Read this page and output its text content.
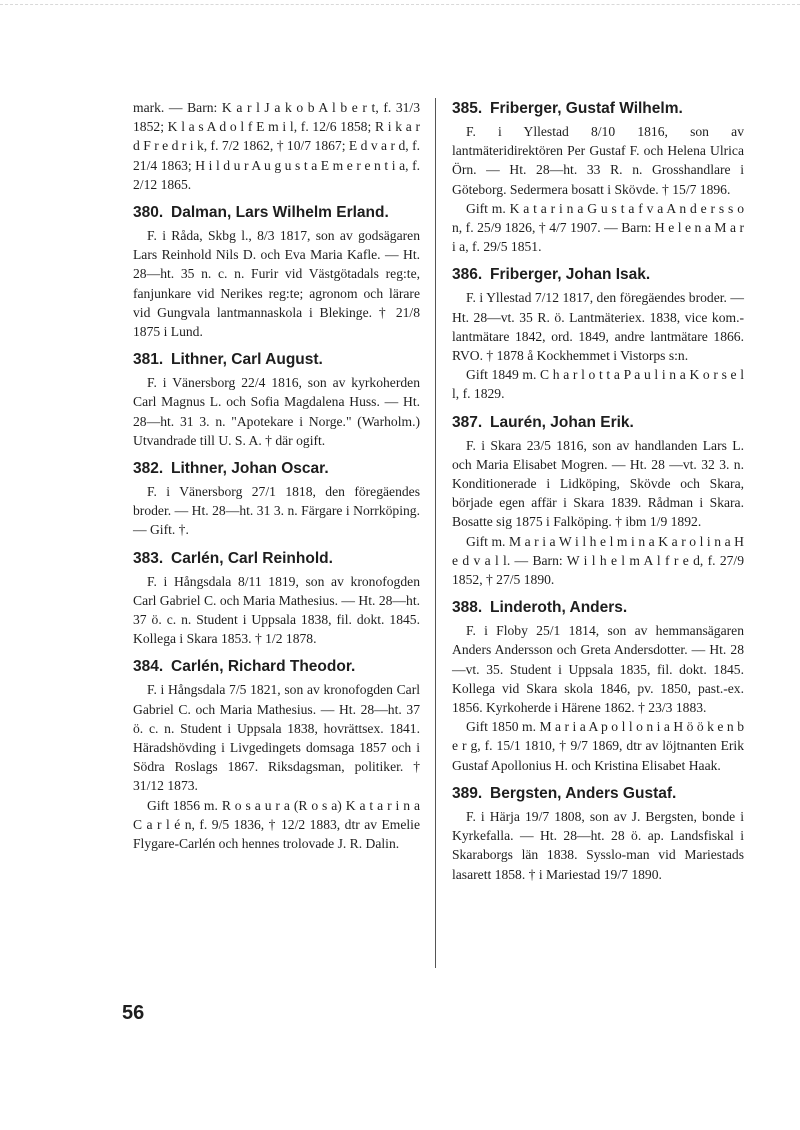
mark. — Barn: K a r l J a k o b A l b e r t, f. 31/3 1852; K l a s A d o l f E m i l, f. 12/6 1858; R i k a r d F r e d r i k, f. 7/2 1862, † 10/7 1867; E d v a r d, f. 21/4 1863; H i l d u r A u g u s t a E m e r e n t i a, f. 2/12 1865.

380. Dalman, Lars Wilhelm Erland.

F. i Råda, Skbg l., 8/3 1817, son av godsägaren Lars Reinhold Nils D. och Eva Maria Kafle. — Ht. 28—ht. 35 n. c. n. Furir vid Västgötadals reg:te, fanjunkare vid Nerikes reg:te; agronom och lärare vid Gungvala lantmannaskola i Blekinge. † 21/8 1875 i Lund.

381. Lithner, Carl August.

F. i Vänersborg 22/4 1816, son av kyrkoherden Carl Magnus L. och Sofia Magdalena Huss. — Ht. 28—ht. 31 3. n. "Apotekare i Norge." (Warholm.) Utvandrade till U. S. A. † där ogift.

382. Lithner, Johan Oscar.

F. i Vänersborg 27/1 1818, den föregäendes broder. — Ht. 28—ht. 31 3. n. Färgare i Norrköping. — Gift. †.

383. Carlén, Carl Reinhold.

F. i Hångsdala 8/11 1819, son av kronofogden Carl Gabriel C. och Maria Mathesius. — Ht. 28—ht. 37 ö. c. n. Student i Uppsala 1838, fil. dokt. 1845. Kollega i Skara 1853. † 1/2 1878.

384. Carlén, Richard Theodor.

F. i Hångsdala 7/5 1821, son av kronofogden Carl Gabriel C. och Maria Mathesius. — Ht. 28—ht. 37 ö. c. n. Student i Uppsala 1838, hovrättsex. 1841. Häradshövding i Livgedingets domsaga 1857 och i Södra Roslags 1867. Riksdagsman, politiker. † 31/12 1873.

Gift 1856 m. R o s a u r a (R o s a) K a t a r i n a C a r l é n, f. 9/5 1836, † 12/2 1883, dtr av Emelie Flygare-Carlén och hennes trolovade J. R. Dalin.

385. Friberger, Gustaf Wilhelm.

F. i Yllestad 8/10 1816, son av lantmäteridirektören Per Gustaf F. och Helena Ulrica Örn. — Ht. 28—ht. 33 R. n. Grosshandlare i Göteborg. Sedermera bosatt i Skövde. † 15/7 1896.

Gift m. K a t a r i n a G u s t a f v a A n d e r s s o n, f. 25/9 1826, † 4/7 1907. — Barn: H e l e n a M a r i a, f. 29/5 1851.

386. Friberger, Johan Isak.

F. i Yllestad 7/12 1817, den föregäendes broder. — Ht. 28—vt. 35 R. ö. Lantmäteriex. 1838, vice kom.-lantmätare 1842, ord. 1849, andre lantmätare 1866. RVO. † 1878 å Kockhemmet i Vistorps s:n.

Gift 1849 m. C h a r l o t t a P a u l i n a K o r s e l l, f. 1829.

387. Laurén, Johan Erik.

F. i Skara 23/5 1816, son av handlanden Lars L. och Maria Elisabet Mogren. — Ht. 28 —vt. 32 3. n. Konditionerade i Lidköping, Skövde och Skara, började egen affär i Skara 1839. Rådman i Skara. Bosatte sig 1875 i Falköping. † ibm 1/9 1892.

Gift m. M a r i a W i l h e l m i n a K a r o l i n a H e d v a l l. — Barn: W i l h e l m A l f r e d, f. 27/9 1852, † 27/5 1890.

388. Linderoth, Anders.

F. i Floby 25/1 1814, son av hemmansägaren Anders Andersson och Greta Andersdotter. — Ht. 28—vt. 35. Student i Uppsala 1835, fil. dokt. 1845. Kollega vid Skara skola 1846, pv. 1850, past.-ex. 1856. Kyrkoherde i Härene 1862. † 23/3 1883.

Gift 1850 m. M a r i a A p o l l o n i a H ö ö k e n b e r g, f. 15/1 1810, † 9/7 1869, dtr av löjtnanten Erik Gustaf Apollonius H. och Kristina Elisabet Haak.

389. Bergsten, Anders Gustaf.

F. i Härja 19/7 1808, son av J. Bergsten, bonde i Kyrkefalla. — Ht. 28—ht. 28 ö. ap. Landsfiskal i Skaraborgs län 1838. Sysslo-man vid Mariestads lasarett 1858. † i Mariestad 19/7 1890.

56
